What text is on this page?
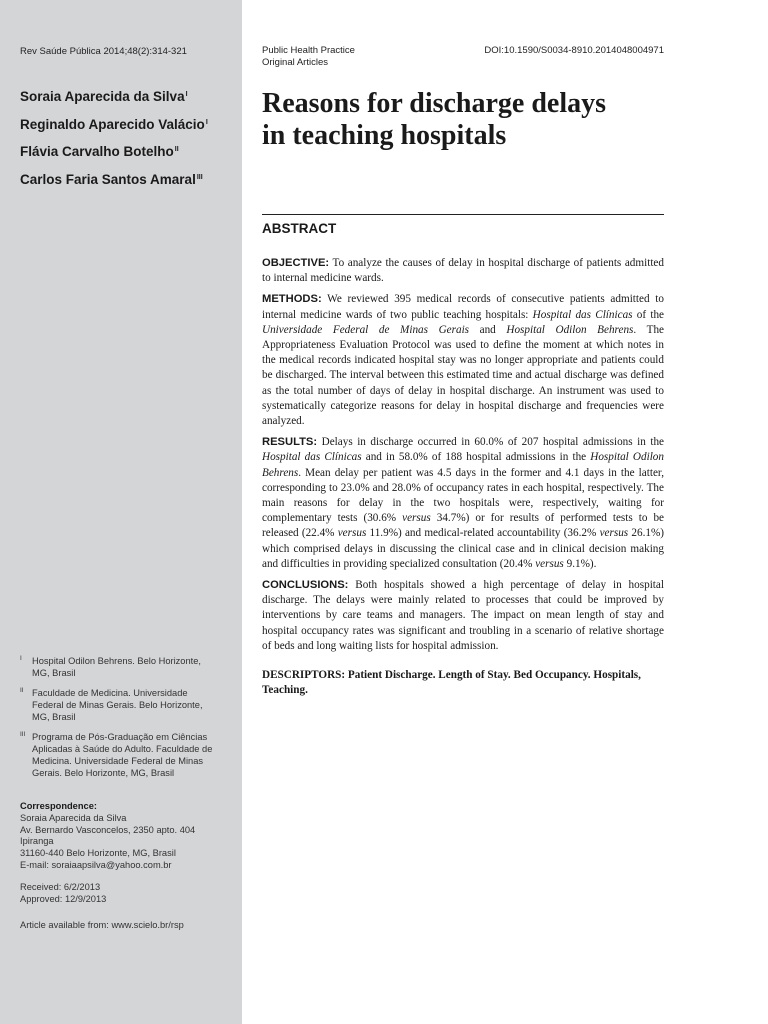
Rev Saúde Pública 2014;48(2):314-321
Soraia Aparecida da Silva$^I$
Reginaldo Aparecido Valácio$^I$
Flávia Carvalho Botelho$^{II}$
Carlos Faria Santos Amaral$^{III}$
I Hospital Odilon Behrens. Belo Horizonte,
MG, Brasil
II Faculdade de Medicina. Universidade
Federal de Minas Gerais. Belo Horizonte,
MG, Brasil
III Programa de Pós-Graduação em Ciências
Aplicadas à Saúde do Adulto. Faculdade de
Medicina. Universidade Federal de Minas
Gerais. Belo Horizonte, MG, Brasil
Correspondence:
Soraia Aparecida da Silva
Av. Bernardo Vasconcelos, 2350 apto. 404
Ipiranga
31160-440 Belo Horizonte, MG, Brasil
E-mail: soraiaapsilva@yahoo.com.br
Received: 6/2/2013
Approved: 12/9/2013
Article available from: www.scielo.br/rsp
Public Health Practice
Original Articles
DOI:10.1590/S0034-8910.2014048004971
Reasons for discharge delays
in teaching hospitals
ABSTRACT

OBJECTIVE: To analyze the causes of delay in hospital discharge of patients admitted to internal medicine wards.

METHODS: We reviewed 395 medical records of consecutive patients admitted to internal medicine wards of two public teaching hospitals: Hospital das Clínicas of the Universidade Federal de Minas Gerais and Hospital Odilon Behrens. The Appropriateness Evaluation Protocol was used to define the moment at which notes in the medical records indicated hospital stay was no longer appropriate and patients could be discharged. The interval between this estimated time and actual discharge was defined as the total number of days of delay in hospital discharge. An instrument was used to systematically categorize reasons for delay in hospital discharge and frequencies were analyzed.

RESULTS: Delays in discharge occurred in 60.0% of 207 hospital admissions in the Hospital das Clínicas and in 58.0% of 188 hospital admissions in the Hospital Odilon Behrens. Mean delay per patient was 4.5 days in the former and 4.1 days in the latter, corresponding to 23.0% and 28.0% of occupancy rates in each hospital, respectively. The main reasons for delay in the two hospitals were, respectively, waiting for complementary tests (30.6% versus 34.7%) or for results of performed tests to be released (22.4% versus 11.9%) and medical-related accountability (36.2% versus 26.1%) which comprised delays in discussing the clinical case and in clinical decision making and difficulties in providing specialized consultation (20.4% versus 9.1%).

CONCLUSIONS: Both hospitals showed a high percentage of delay in hospital discharge. The delays were mainly related to processes that could be improved by interventions by care teams and managers. The impact on mean length of stay and hospital occupancy rates was significant and troubling in a scenario of relative shortage of beds and long waiting lists for hospital admission.

DESCRIPTORS: Patient Discharge. Length of Stay. Bed Occupancy. Hospitals, Teaching.
